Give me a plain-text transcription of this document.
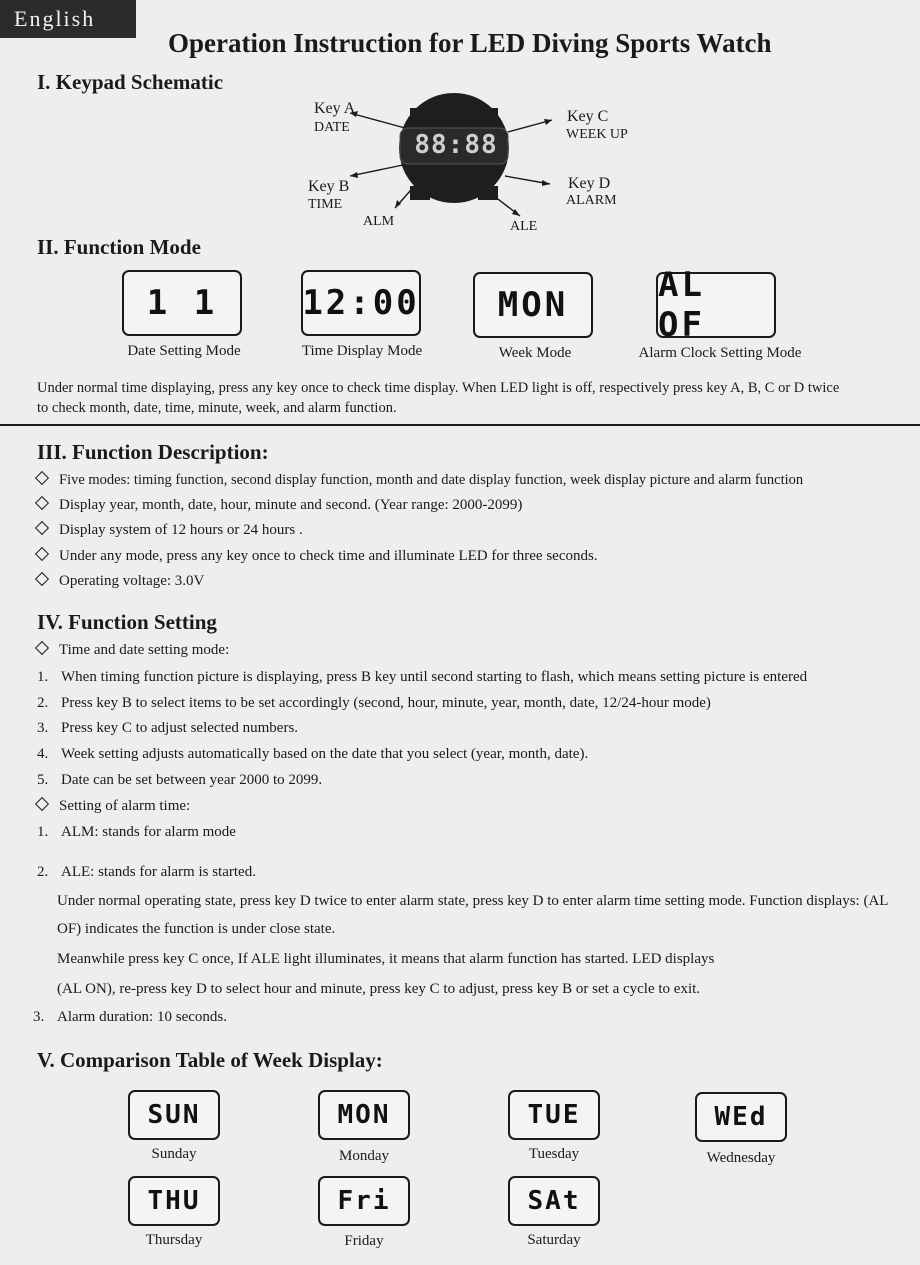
English
Operation Instruction for LED Diving Sports Watch
I. Keypad Schematic
88:88
Key A
DATE
Key B
TIME
Key C
WEEK UP
Key D
ALARM
ALM	ALE
II. Function Mode
1 1	12:00	MON	AL OF
Date Setting Mode	Time Display Mode	Week Mode	Alarm Clock Setting Mode
Under normal time displaying, press any key once to check time display. When LED light is off, respectively press key A, B, C or D twice
to check month, date, time, minute, week, and alarm function.
III. Function Description:
Five modes: timing function, second display function, month and date display function, week display picture and alarm function
Display year, month, date, hour, minute and second. (Year range: 2000-2099)
Display system of 12 hours or 24 hours .
Under any mode, press any key once to check time and illuminate LED for three seconds.
Operating voltage: 3.0V
IV. Function Setting
Time and date setting mode:
1. When timing function picture is displaying, press B key until second starting to flash, which means setting picture is entered
2. Press key B to select items to be set accordingly (second, hour, minute, year, month, date, 12/24-hour mode)
3. Press key C to adjust selected numbers.
4. Week setting adjusts automatically based on the date that you select (year, month, date).
5. Date can be set between year 2000 to 2099.
Setting of alarm time:
1. ALM: stands for alarm mode
2. ALE: stands for alarm is started.
Under normal operating state, press key D twice to enter alarm state, press key D to enter alarm time setting mode. Function displays: (AL
OF) indicates the function is under close state.
Meanwhile press key C once, If ALE light illuminates, it means that alarm function has started. LED displays
(AL ON), re-press key D to select hour and minute, press key C to adjust, press key B or set a cycle to exit.
3. Alarm duration: 10 seconds.
V. Comparison Table of Week Display:
SUN	MON	TUE	WEd
Sunday	Monday	Tuesday	Wednesday
THU	Fri	SAt
Thursday	Friday	Saturday
